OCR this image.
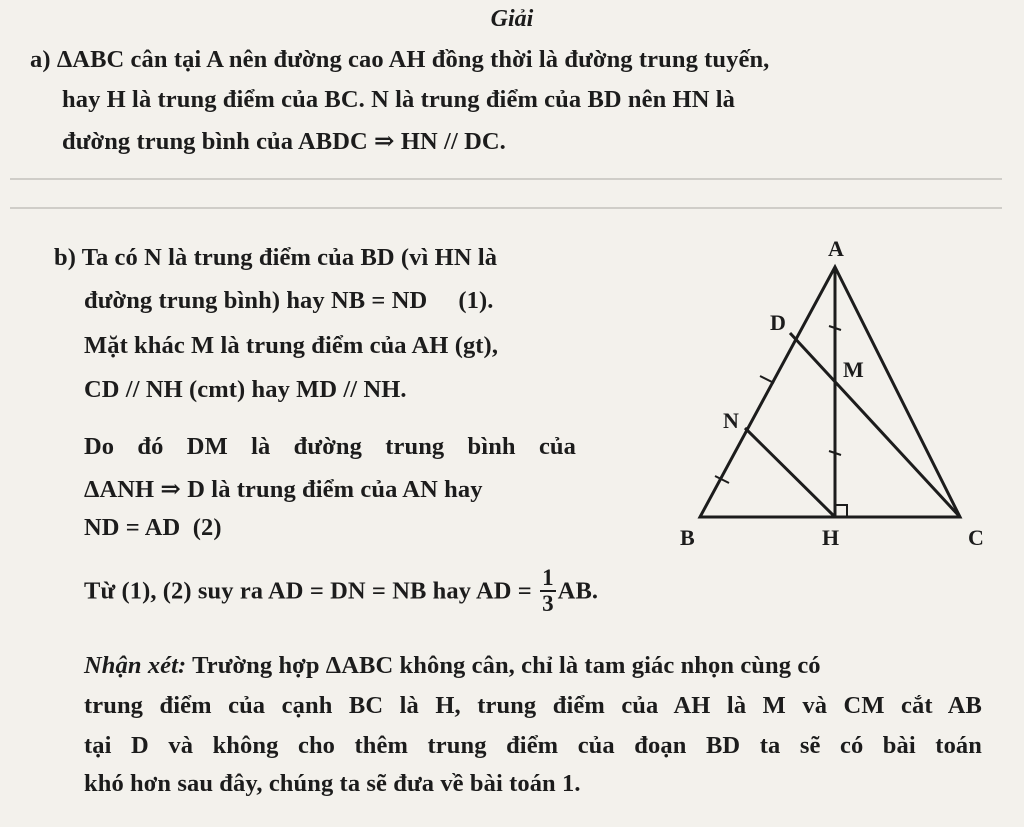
Giải
a) ΔABC cân tại A nên đường cao AH đồng thời là đường trung tuyến,
hay H là trung điểm của BC. N là trung điểm của BD nên HN là
đường trung bình của ABDC ⇒ HN // DC.
b) Ta có N là trung điểm của BD (vì HN là
đường trung bình) hay NB = ND     (1).
Mặt khác M là trung điểm của AH (gt),
CD // NH (cmt) hay MD // NH.
Do đó DM là đường trung bình của
ΔANH ⇒ D là trung điểm của AN hay
ND = AD  (2)
Từ (1), (2) suy ra AD = DN = NB hay AD = $\frac{1}{3}$ AB.
Nhận xét: Trường hợp ΔABC không cân, chỉ là tam giác nhọn cùng có
trung điểm của cạnh BC là H, trung điểm của AH là M và CM cắt AB
tại D và không cho thêm trung điểm của đoạn BD ta sẽ có bài toán
khó hơn sau đây, chúng ta sẽ đưa về bài toán 1.
A
B	C
H
D
M
N
